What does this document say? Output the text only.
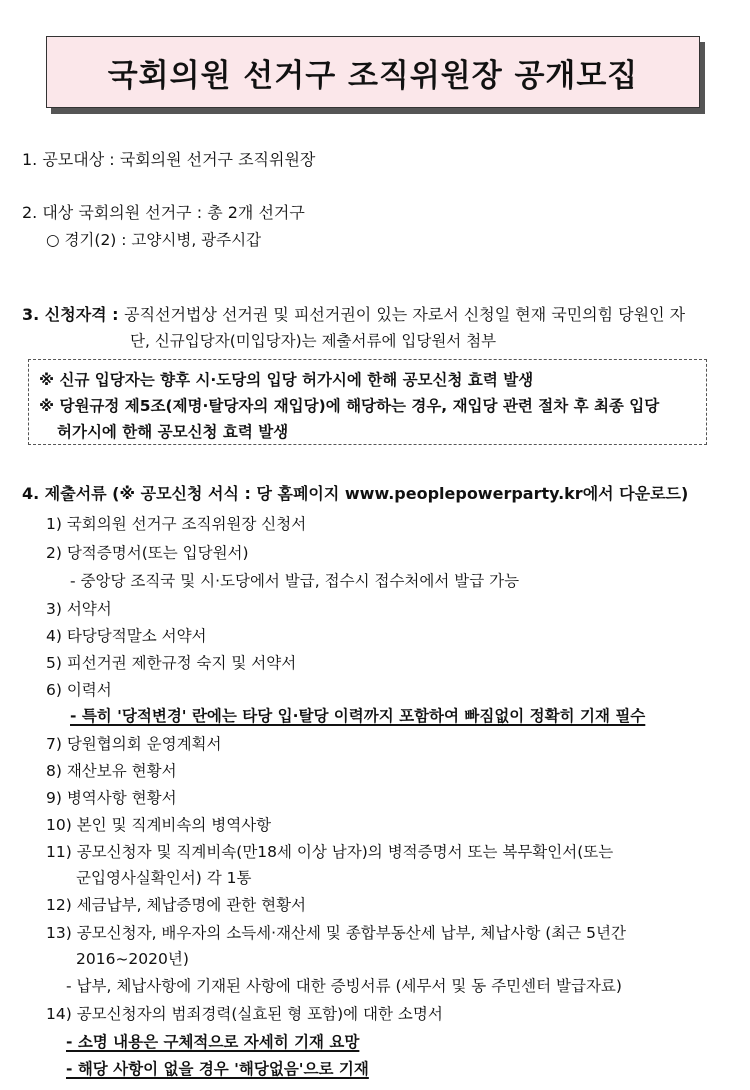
국회의원 선거구 조직위원장 공개모집
1. 공모대상 : 국회의원 선거구 조직위원장
2. 대상 국회의원 선거구 : 총 2개 선거구
○ 경기(2) : 고양시병, 광주시갑
3. 신청자격 : 공직선거법상 선거권 및 피선거권이 있는 자로서 신청일 현재 국민의힘 당원인 자
단, 신규입당자(미입당자)는 제출서류에 입당원서 첨부
※ 신규 입당자는 향후 시·도당의 입당 허가시에 한해 공모신청 효력 발생
※ 당원규정 제5조(제명·탈당자의 재입당)에 해당하는 경우, 재입당 관련 절차 후 최종 입당
허가시에 한해 공모신청 효력 발생
4. 제출서류 (※ 공모신청 서식 : 당 홈페이지 www.peoplepowerparty.kr에서 다운로드)
1) 국회의원 선거구 조직위원장 신청서
2) 당적증명서(또는 입당원서)
- 중앙당 조직국 및 시·도당에서 발급, 접수시 접수처에서 발급 가능
3) 서약서
4) 타당당적말소 서약서
5) 피선거권 제한규정 숙지 및 서약서
6) 이력서
- 특히 '당적변경' 란에는 타당 입·탈당 이력까지 포함하여 빠짐없이 정확히 기재 필수
7) 당원협의회 운영계획서
8) 재산보유 현황서
9) 병역사항 현황서
10) 본인 및 직계비속의 병역사항
11) 공모신청자 및 직계비속(만18세 이상 남자)의 병적증명서 또는 복무확인서(또는
군입영사실확인서) 각 1통
12) 세금납부, 체납증명에 관한 현황서
13) 공모신청자, 배우자의 소득세·재산세 및 종합부동산세 납부, 체납사항 (최근 5년간
2016~2020년)
- 납부, 체납사항에 기재된 사항에 대한 증빙서류 (세무서 및 동 주민센터 발급자료)
14) 공모신청자의 범죄경력(실효된 형 포함)에 대한 소명서
- 소명 내용은 구체적으로 자세히 기재 요망
- 해당 사항이 없을 경우 '해당없음'으로 기재
